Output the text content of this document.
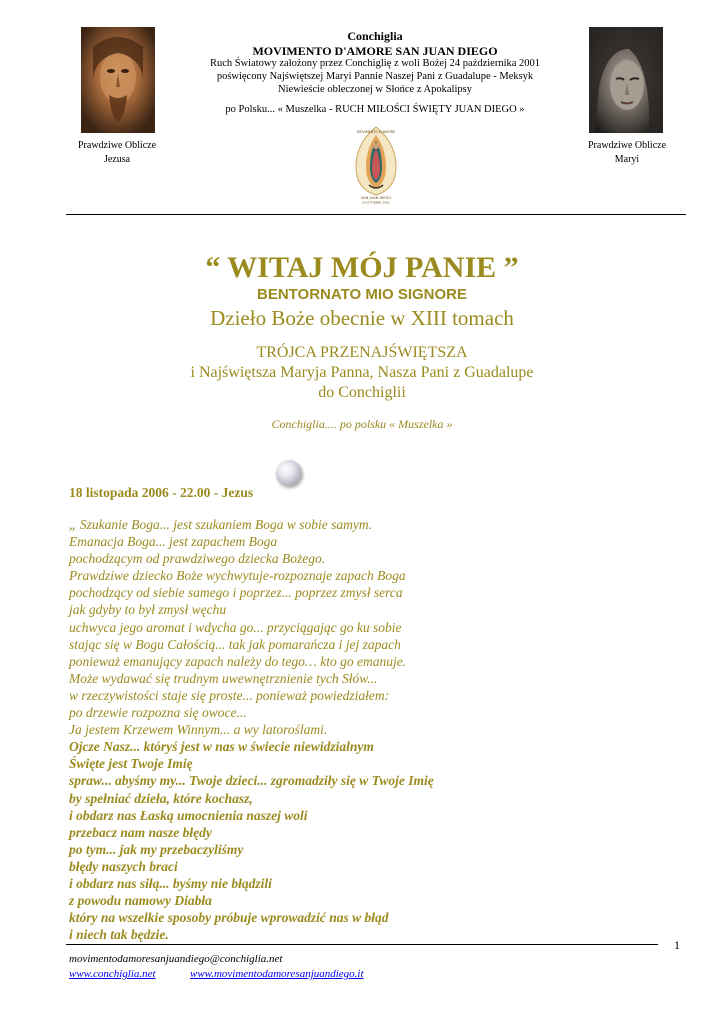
Conchiglia
MOVIMENTO D'AMORE SAN JUAN DIEGO
Ruch Światowy założony przez Conchiglię z woli Bożej 24 października 2001
poświęcony Najświętszej Maryi Pannie Naszej Pani z Guadalupe - Meksyk
Niewieście obleczonej w Słońce z Apokalipsy
po Polsku... « Muszelka - RUCH MIŁOŚCI ŚWIĘTY JUAN DIEGO »
Prawdziwe Oblicze
Jezusa
Prawdziwe Oblicze
Maryi
MOVIMENTO D'AMORE
SAN JUAN DIEGO
24 OTTOBRE 2001
“ WITAJ MÓJ PANIE ”
BENTORNATO MIO SIGNORE
Dzieło Boże obecnie w XIII tomach
TRÓJCA PRZENAJŚWIĘTSZA
i Najświętsza Maryja Panna, Nasza Pani z Guadalupe
do Conchiglii
Conchiglia.... po polsku « Muszelka »
18 listopada 2006 - 22.00 - Jezus
„ Szukanie Boga... jest szukaniem Boga w sobie samym.
Emanacja Boga... jest zapachem Boga
pochodzącym od prawdziwego dziecka Bożego.
Prawdziwe dziecko Boże wychwytuje-rozpoznaje zapach Boga
pochodzący od siebie samego i poprzez... poprzez zmysł serca
jak gdyby to był zmysł węchu
uchwyca jego aromat i wdycha go... przyciągając go ku sobie
stając się w Bogu Całością... tak jak pomarańcza i jej zapach
ponieważ emanujący zapach należy do tego… kto go emanuje.
Może wydawać się trudnym uwewnętrznienie tych Słów...
w rzeczywistości staje się proste... ponieważ powiedziałem:
po drzewie rozpozna się owoce...
Ja jestem Krzewem Winnym... a wy latoroślami.
Ojcze Nasz... któryś jest w nas w świecie niewidzialnym
Święte jest Twoje Imię
spraw... abyśmy my... Twoje dzieci... zgromadziły się w Twoje Imię
by spełniać dzieła, które kochasz,
i obdarz nas Łaską umocnienia naszej woli
przebacz nam nasze błędy
po tym... jak my przebaczyliśmy
błędy naszych braci
i obdarz nas siłą... byśmy nie błądzili
z powodu namowy Diabła
który na wszelkie sposoby próbuje wprowadzić nas w błąd
i niech tak będzie.
1
movimentodamoresanjuandiego@conchiglia.net
www.conchiglia.net	www.movimentodamoresanjuandiego.it
